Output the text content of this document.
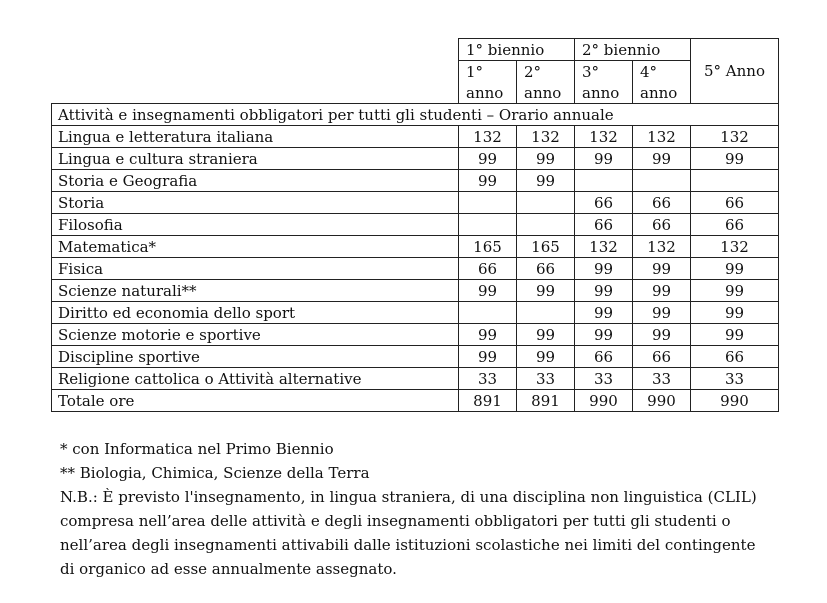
	1° biennio		2° biennio		5° Anno
	1°	2°	3°	4°	
	anno	anno	anno	anno	
Attività e insegnamenti obbligatori per tutti gli studenti – Orario annuale					
Lingua e letteratura italiana	132	132	132	132	132
Lingua e cultura straniera	99	99	99	99	99
Storia e Geografia	99	99			
Storia			66	66	66
Filosofia			66	66	66
Matematica*	165	165	132	132	132
Fisica	66	66	99	99	99
Scienze naturali**	99	99	99	99	99
Diritto ed economia dello sport			99	99	99
Scienze motorie e sportive	99	99	99	99	99
Discipline sportive	99	99	66	66	66
Religione cattolica o Attività alternative	33	33	33	33	33
Totale ore	891	891	990	990	990

* con Informatica nel Primo Biennio

** Biologia, Chimica, Scienze della Terra

N.B.: È previsto l'insegnamento, in lingua straniera, di una disciplina non linguistica (CLIL)

compresa nell’area delle attività e degli insegnamenti obbligatori per tutti gli studenti o

nell’area degli insegnamenti attivabili dalle istituzioni scolastiche nei limiti del contingente

di organico ad esse annualmente assegnato.
